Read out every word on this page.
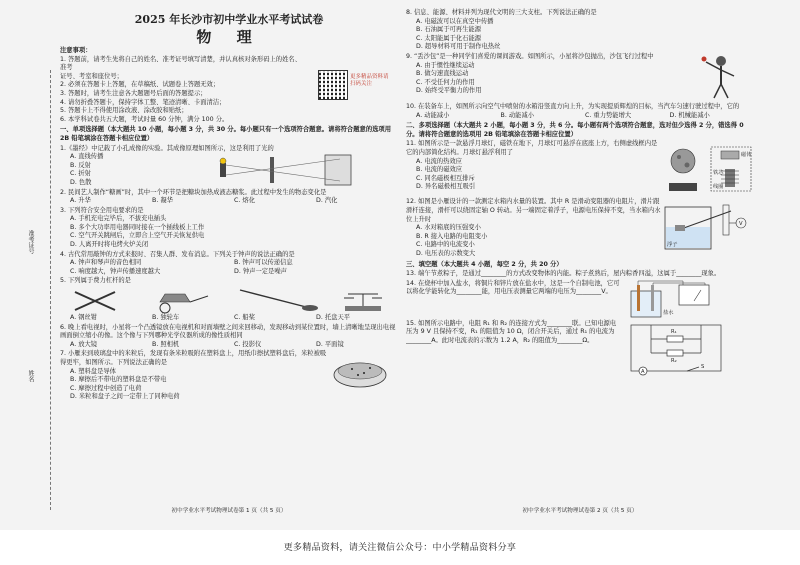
准考证号
姓名
2025 年长沙市初中学业水平考试试卷
物 理
注意事项：
1. 答题前，请考生先将自己的姓名、准考证号填写清楚，并认真核对条形码上的姓名、准考
证号、考室和座位号；
2. 必须在答题卡上答题，在草稿纸、试题卷上答题无效；
3. 答题时，请考生注意各大题题号后面的答题提示；
4. 请勿折叠答题卡，保持字体工整、笔迹清晰、卡面清洁；
5. 答题卡上不得使用涂改液、涂改胶和贴纸；
6. 本学科试卷共五大题，考试时量 60 分钟，满分 100 分。
更多精品资料请扫码关注
一、单项选择题（本大题共 10 小题，每小题 3 分，共 30 分。每小题只有一个选项符合题意。请将符合题意的选项用 2B 铅笔填涂在答题卡相应位置）
1.《墨经》中记载了小孔成像的实验。其成像原理如图所示，这是利用了光的
A. 直线传播
B. 反射
C. 折射
D. 色散
2. 民间艺人制作“糖画”时，其中一个环节是把糖块加热成液态糖浆。此过程中发生的物态变化是
A. 升华	B. 凝华	C. 熔化	D. 汽化
3. 下列符合安全用电要求的是
A. 手机充电完毕后，不拔充电插头
B. 多个大功率用电器同时接在一个插线板上工作
C. 空气开关跳闸后，立即合上空气开关恢复供电
D. 人离开时将电烤火炉关闭
4. 古代常用敲钟的方式来报时、召集人群、发布消息。下列关于钟声的说法正确的是
A. 钟声和琴声的音色相同	B. 钟声可以传递信息
C. 响度越大，钟声传播速度越大	D. 钟声一定是噪声
5. 下列属于费力杠杆的是
A. 钢丝钳	B. 独轮车	C. 船桨	D. 托盘天平
6. 晚上看电视时，小星将一个凸透镜放在电视机和对面墙壁之间来回移动，发现移动到某位置时，墙上清晰地呈现出电视画面倒立缩小的像。这个像与下列哪种光学仪器所成的像性质相同
A. 放大镜	B. 照相机	C. 投影仪	D. 平面镜
7. 小雁来到玻璃盘中的米粒后，发现有条米粒吸附在塑料盘上，用纸巾擦拭塑料盘后，米粒被吸得更牢，如图所示。下列说法正确的是
A. 塑料盘是导体
B. 摩擦后不带电的塑料盘是不带电
C. 摩擦过程中创造了电荷
D. 米粒和盘子之间一定带上了同种电荷
初中学业水平考试物理试卷第 1 页（共 5 页）
8. 信息、能源、材料并列为现代文明的三大支柱。下列说法正确的是
A. 电磁波可以在真空中传播
B. 石油属于可再生能源
C. 太阳能属于化石能源
D. 超导材料可用于制作电热丝
9. “丢沙包”是一种同学们喜爱的课间游戏。如图所示，小星将沙包抛出，沙包飞行过程中
A. 由于惯性继续运动
B. 做匀速直线运动
C. 不受任何力的作用
D. 始终受平衡力的作用
10. 在装备车上，如图所示向空气中喷射的水箱沿竖直方向上升，为实现提质辉煌的目标，当汽车匀速行驶过程中，它的
A. 动能减小	B. 动能减小	C. 重力势能增大	D. 机械能减小
二、多项选择题（本大题共 2 小题，每小题 3 分，共 6 分。每小题有两个选项符合题意，选对但少选得 2 分，错选得 0 分。请将符合题意的选项用 2B 铅笔填涂在答题卡相应位置）
11. 如图所示是一款悬浮月球灯，磁铁在地下，月球灯可悬浮在底座上方，右侧虚线框内是它的内部简化结构。月球灯悬浮利用了
A. 电流的热效应
B. 电流的磁效应
C. 同名磁极相互排斥
D. 异名磁极相互吸引
磁体
铁芯
线圈
12. 如图是小雁设计的一款测定水箱内水量的装置。其中 R 是滑动变阻器的电阻片，滑片跟滑杆连接，滑杆可以绕固定轴 O 转动。另一端固定着浮子，电源电压保持不变，当水箱内水位上升时
A. 水对箱底的压强变小
B. R 接入电路的电阻变小
C. 电路中的电流变小
D. 电压表的示数变大
浮子
V
三、填空题（本大题共 4 小题，每空 2 分，共 20 分）
13. 端午节煮粽子，是通过________的方式改变物体的内能。粽子煮熟后，屋内粽香四溢，这属于________现象。
14. 在烧杯中加入盐水，将铜片和锌片放在盐水中，这是一个自制电池，它可以将化学能转化为________能，用电压表测量它两端的电压为________V。
盐水
15. 如图所示电路中，电阻 R₁ 和 R₂ 的连接方式为________联。已知电源电压为 9 V 且保持不变，R₁ 的阻值为 10 Ω，闭合开关后，通过 R₁ 的电流为________A。此时电流表的示数为 1.2 A，R₂ 的阻值为________Ω。
R₁
R₂
A
S
初中学业水平考试物理试卷第 2 页（共 5 页）
更多精品资料，请关注微信公众号：中小学精品资料分享
